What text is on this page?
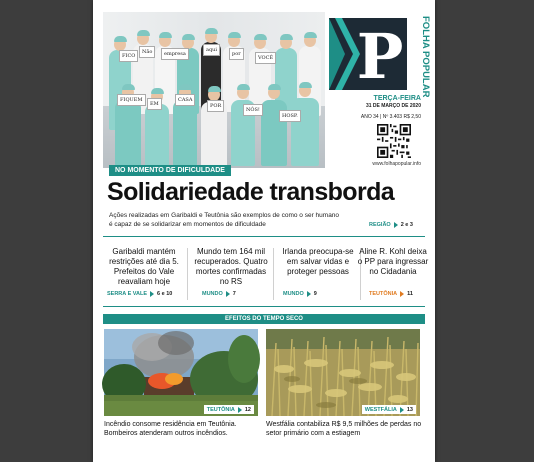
FICO
Não	empresa
aqui
por
VOCÊ
FIQUEM
EM
CASA
POR
NÓS!
HOSP.
P FOLHA POPULAR
TERÇA-FEIRA
31 DE MARÇO DE 2020
ANO 34 | Nº 3.403 R$ 2,50
www.folhapopular.info
NO MOMENTO DE DIFICULDADE
Solidariedade transborda
Ações realizadas em Garibaldi e Teutônia são exemplos de como o ser humano é capaz de se solidarizar em momentos de dificuldade	REGIÃO 2 e 3
Garibaldi mantém restrições até dia 5. Prefeitos do Vale reavaliam hoje
SERRA E VALE 6 e 10
Mundo tem 164 mil recuperados. Quatro mortes confirmadas no RS
MUNDO 7
Irlanda preocupa-se em salvar vidas e proteger pessoas
MUNDO 9
Aline R. Kohl deixa o PP para ingressar no Cidadania
TEUTÔNIA 11
EFEITOS DO TEMPO SECO
TEUTÔNIA 12
Incêndio consome residência em Teutônia. Bombeiros atenderam outros incêndios.
WESTFÁLIA 13
Westfália contabiliza R$ 9,5 milhões de perdas no setor primário com a estiagem
